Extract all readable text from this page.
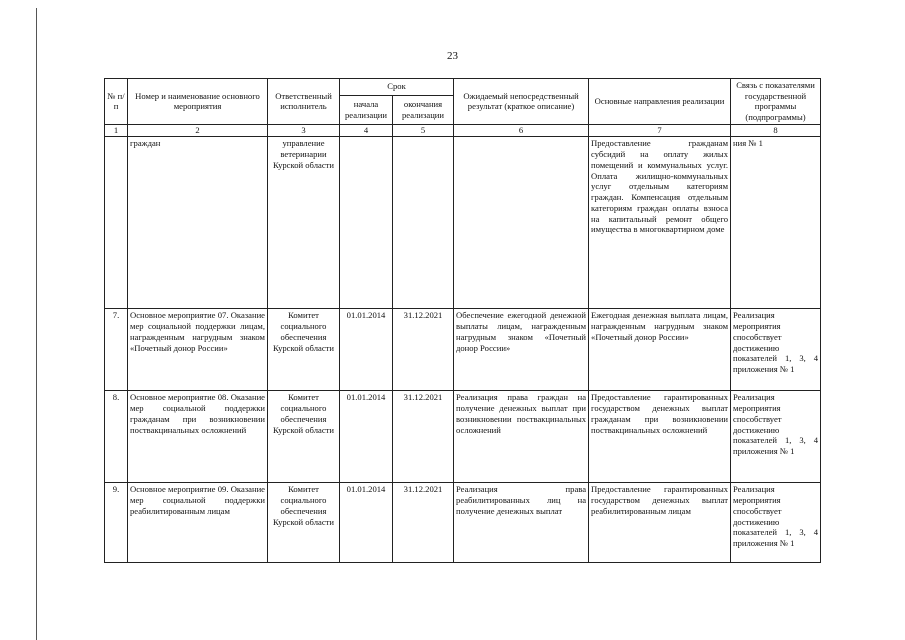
23
№ п/п	Номер и наименование основного мероприятия	Ответственный исполнитель	Срок		Ожидаемый непосредственный результат (краткое описание)	Основные направления реализации	Связь с показателями государственной программы (подпрограммы)
			начала реализации	окончания реализации			
1	2	3	4	5	6	7	8
	граждан	управление ветеринарии Курской области				Предоставление гражданам субсидий на оплату жилых помещений и коммунальных услуг. Оплата жилищно-коммунальных услуг отдельным категориям граждан. Компенсация отдельным категориям граждан оплаты взноса на капитальный ремонт общего имущества в многоквартирном доме	ния № 1
7.	Основное мероприятие 07. Оказание мер социальной поддержки лицам, награжденным нагрудным знаком «Почетный донор России»	Комитет социального обеспечения Курской области	01.01.2014	31.12.2021	Обеспечение ежегодной денежной выплаты лицам, награжденным нагрудным знаком «Почетный донор России»	Ежегодная денежная выплата лицам, награжденным нагрудным знаком «Почетный донор России»	Реализация мероприятия способствует достижению показателей 1, 3, 4 приложения № 1
8.	Основное мероприятие 08. Оказание мер социальной поддержки гражданам при возникновении поствакцинальных осложнений	Комитет социального обеспечения Курской области	01.01.2014	31.12.2021	Реализация права граждан на получение денежных выплат при возникновении поствакцинальных осложнений	Предоставление гарантированных государством денежных выплат гражданам при возникновении поствакцинальных осложнений	Реализация мероприятия способствует достижению показателей 1, 3, 4 приложения № 1
9.	Основное мероприятие 09. Оказание мер социальной поддержки реабилитированным лицам	Комитет социального обеспечения Курской области	01.01.2014	31.12.2021	Реализация права реабилитированных лиц на получение денежных выплат	Предоставление гарантированных государством денежных выплат реабилитированным лицам	Реализация мероприятия способствует достижению показателей 1, 3, 4 приложения № 1
